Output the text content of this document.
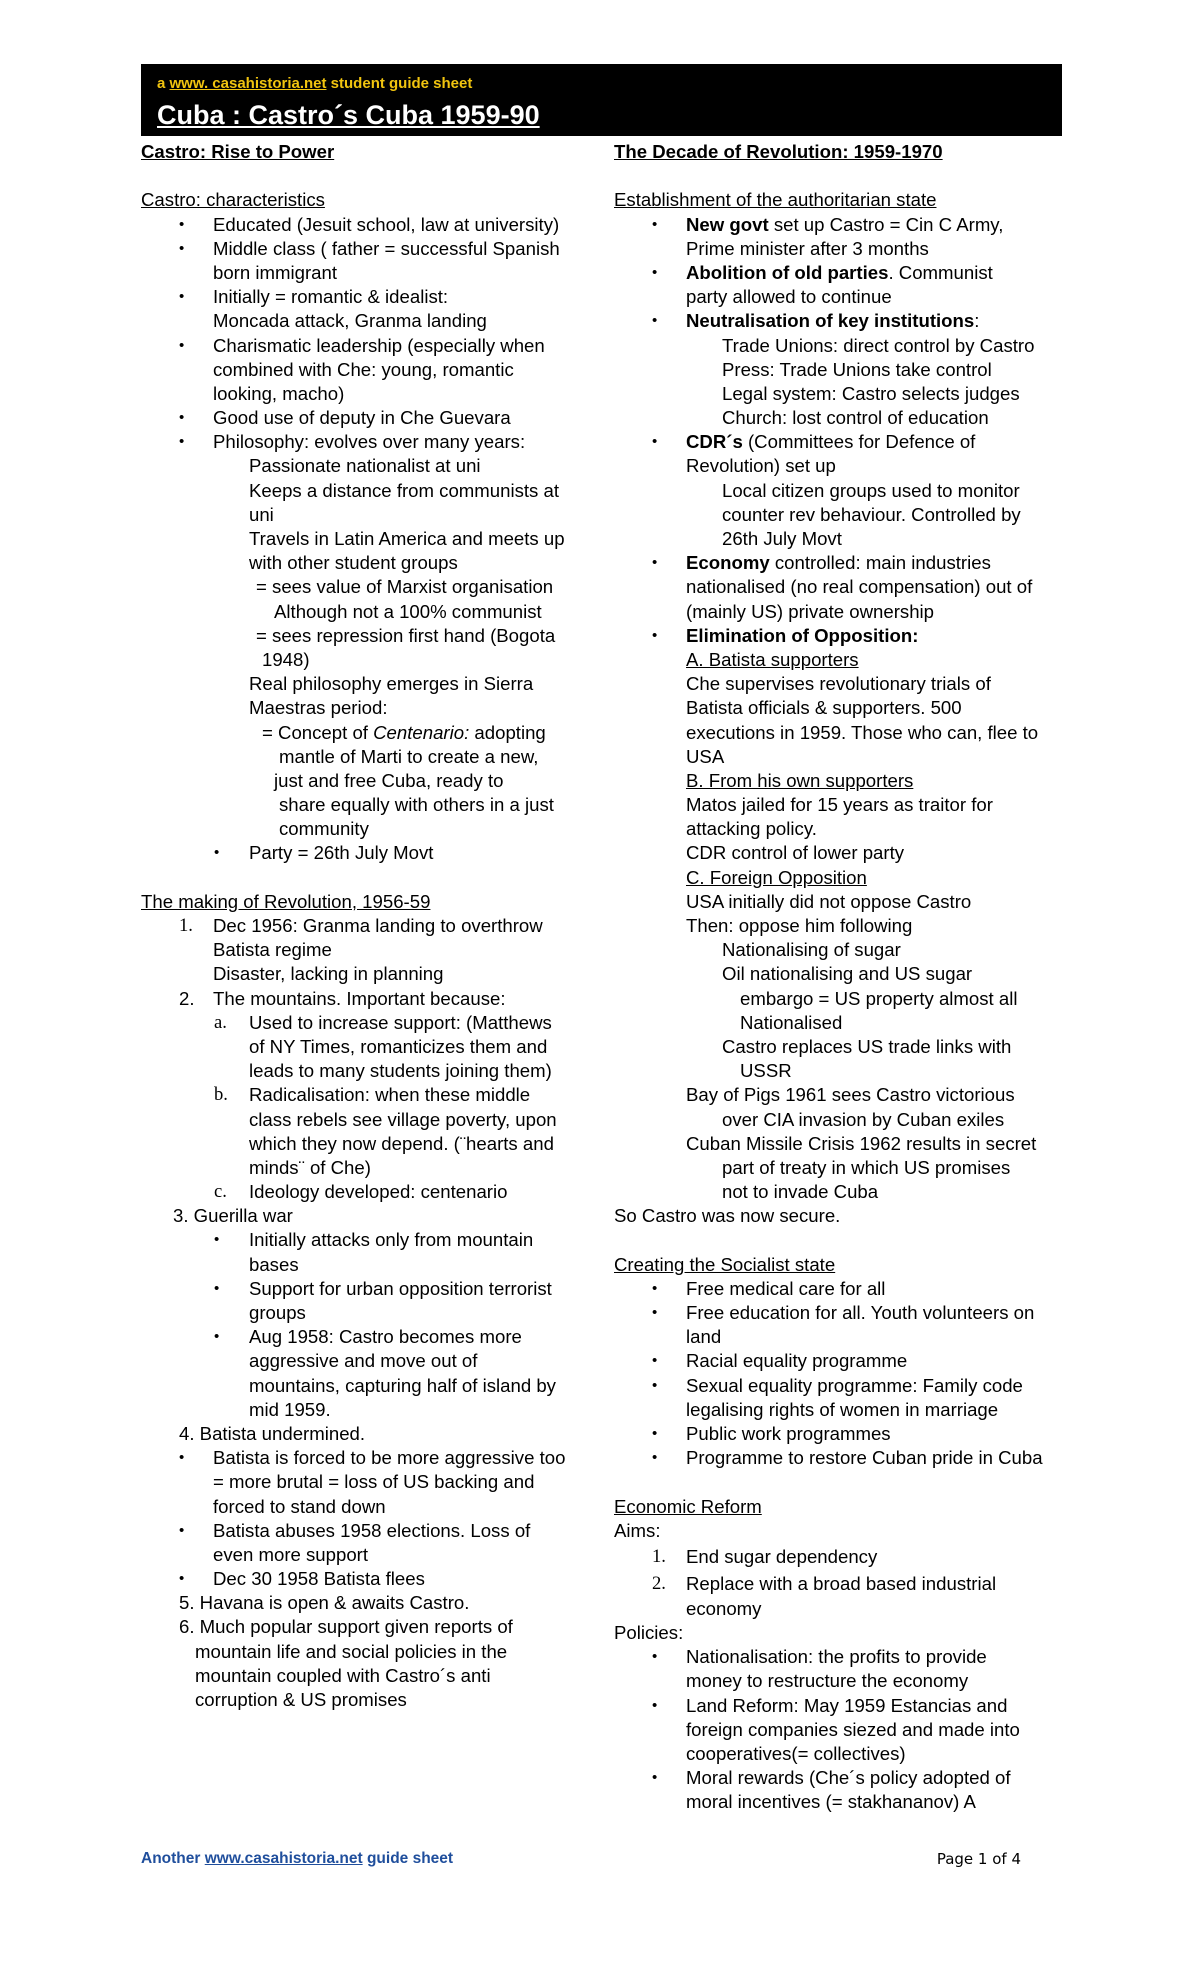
a www. casahistoria.net student guide sheet
Cuba : Castro´s Cuba 1959-90
Castro: Rise to Power
Castro: characteristics
• Educated (Jesuit school, law at university)
• Middle class ( father = successful Spanish
born immigrant
• Initially = romantic & idealist:
Moncada attack, Granma landing
• Charismatic leadership (especially when
combined with Che: young, romantic
looking, macho)
• Good use of deputy in Che Guevara
• Philosophy: evolves over many years:
Passionate nationalist at uni
Keeps a distance from communists at
uni
Travels in Latin America and meets up
with other student groups
= sees value of Marxist organisation
Although not a 100% communist
= sees repression first hand (Bogota
1948)
Real philosophy emerges in Sierra
Maestras period:
= Concept of Centenario: adopting
mantle of Marti to create a new,
just and free Cuba, ready to
share equally with others in a just
community
• Party = 26th July Movt
The making of Revolution, 1956-59
1. Dec 1956: Granma landing to overthrow
Batista regime
Disaster, lacking in planning
2. The mountains. Important because:
a. Used to increase support: (Matthews
of NY Times, romanticizes them and
leads to many students joining them)
b. Radicalisation: when these middle
class rebels see village poverty, upon
which they now depend. (¨hearts and
minds¨ of Che)
c. Ideology developed: centenario
3. Guerilla war
• Initially attacks only from mountain
bases
• Support for urban opposition terrorist
groups
• Aug 1958: Castro becomes more
aggressive and move out of
mountains, capturing half of island by
mid 1959.
4. Batista undermined.
• Batista is forced to be more aggressive too
= more brutal = loss of US backing and
forced to stand down
• Batista abuses 1958 elections. Loss of
even more support
• Dec 30 1958 Batista flees
5. Havana is open & awaits Castro.
6. Much popular support given reports of
mountain life and social policies in the
mountain coupled with Castro´s anti
corruption & US promises
The Decade of Revolution: 1959-1970
Establishment of the authoritarian state
• New govt set up Castro = Cin C Army,
Prime minister after 3 months
• Abolition of old parties. Communist
party allowed to continue
• Neutralisation of key institutions:
Trade Unions: direct control by Castro
Press: Trade Unions take control
Legal system: Castro selects judges
Church: lost control of education
• CDR´s (Committees for Defence of
Revolution) set up
Local citizen groups used to monitor
counter rev behaviour. Controlled by
26th July Movt
• Economy controlled: main industries
nationalised (no real compensation) out of
(mainly US) private ownership
• Elimination of Opposition:
A. Batista supporters
Che supervises revolutionary trials of
Batista officials & supporters. 500
executions in 1959. Those who can, flee to
USA
B. From his own supporters
Matos jailed for 15 years as traitor for
attacking policy.
CDR control of lower party
C. Foreign Opposition
USA initially did not oppose Castro
Then: oppose him following
Nationalising of sugar
Oil nationalising and US sugar
embargo = US property almost all
Nationalised
Castro replaces US trade links with
USSR
Bay of Pigs 1961 sees Castro victorious
over CIA invasion by Cuban exiles
Cuban Missile Crisis 1962 results in secret
part of treaty in which US promises
not to invade Cuba
So Castro was now secure.
Creating the Socialist state
• Free medical care for all
• Free education for all. Youth volunteers on
land
• Racial equality programme
• Sexual equality programme: Family code
legalising rights of women in marriage
• Public work programmes
• Programme to restore Cuban pride in Cuba
Economic Reform
Aims:
1. End sugar dependency
2. Replace with a broad based industrial
economy
Policies:
• Nationalisation: the profits to provide
money to restructure the economy
• Land Reform: May 1959 Estancias and
foreign companies siezed and made into
cooperatives(= collectives)
• Moral rewards (Che´s policy adopted of
moral incentives (= stakhananov) A
Another www.casahistoria.net guide sheet	Page 1 of 4
